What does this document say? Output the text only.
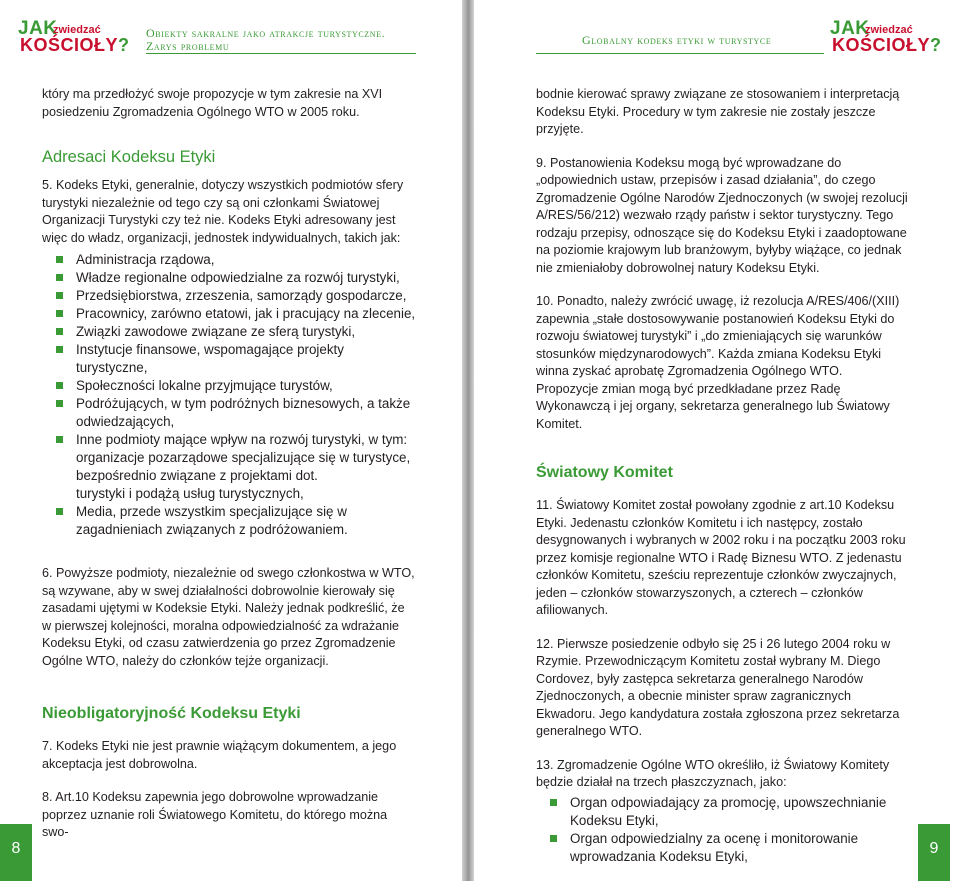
JAK
zwiedzać
KOŚCIOŁY?
Obiekty sakralne jako atrakcje turystyczne.
Zarys problemu

który ma przedłożyć swoje propozycje w tym zakresie na XVI posiedzeniu Zgromadzenia Ogólnego WTO w 2005 roku.

Adresaci Kodeksu Etyki

5. Kodeks Etyki, generalnie, dotyczy wszystkich podmiotów sfery turystyki niezależnie od tego czy są oni członkami Światowej Organizacji Turystyki czy też nie. Kodeks Etyki adresowany jest więc do władz, organizacji, jednostek indywidualnych, takich jak:

Administracja rządowa,
Władze regionalne odpowiedzialne za rozwój turystyki,
Przedsiębiorstwa, zrzeszenia, samorządy gospodarcze,
Pracownicy, zarówno etatowi, jak i pracujący na zlecenie,
Związki zawodowe związane ze sferą turystyki,
Instytucje finansowe, wspomagające projekty turystyczne,
Społeczności lokalne przyjmujące turystów,
Podróżujących, w tym podróżnych biznesowych, a także odwiedzających,
Inne podmioty mające wpływ na rozwój turystyki, w tym: organizacje pozarządowe specjalizujące się w turystyce, bezpośrednio związane z projektami dot.
turystyki i podążą usług turystycznych,
Media, przede wszystkim specjalizujące się w zagadnieniach związanych z podróżowaniem.

6. Powyższe podmioty, niezależnie od swego członkostwa w WTO, są wzywane, aby w swej działalności dobrowolnie kierowały się zasadami ujętymi w Kodeksie Etyki. Należy jednak podkreślić, że w pierwszej kolejności, moralna odpowiedzialność za wdrażanie Kodeksu Etyki, od czasu zatwierdzenia go przez Zgromadzenie Ogólne WTO, należy do członków tejże organizacji.

Nieobligatoryjność Kodeksu Etyki

7. Kodeks Etyki nie jest prawnie wiążącym dokumentem, a jego akceptacja jest dobrowolna.

8. Art.10 Kodeksu zapewnia jego dobrowolne wprowadzanie poprzez uznanie roli Światowego Komitetu, do którego można swo-

8
Globalny kodeks etyki w turystyce
JAK
zwiedzać
KOŚCIOŁY?

bodnie kierować sprawy związane ze stosowaniem i interpretacją Kodeksu Etyki. Procedury w tym zakresie nie zostały jeszcze przyjęte.

9. Postanowienia Kodeksu mogą być wprowadzane do „odpowiednich ustaw, przepisów i zasad działania”, do czego Zgromadzenie Ogólne Narodów Zjednoczonych (w swojej rezolucji A/RES/56/212) wezwało rządy państw i sektor turystyczny. Tego rodzaju przepisy, odnoszące się do Kodeksu Etyki i zaadoptowane na poziomie krajowym lub branżowym, byłyby wiążące, co jednak nie zmieniałoby dobrowolnej natury Kodeksu Etyki.

10. Ponadto, należy zwrócić uwagę, iż rezolucja A/RES/406/(XIII) zapewnia „stałe dostosowywanie postanowień Kodeksu Etyki do rozwoju światowej turystyki” i „do zmieniających się warunków stosunków międzynarodowych”. Każda zmiana Kodeksu Etyki winna zyskać aprobatę Zgromadzenia Ogólnego WTO. Propozycje zmian mogą być przedkładane przez Radę Wykonawczą i jej organy, sekretarza generalnego lub Światowy Komitet.

Światowy Komitet

11. Światowy Komitet został powołany zgodnie z art.10 Kodeksu Etyki. Jedenastu członków Komitetu i ich następcy, zostało desygnowanych i wybranych w 2002 roku i na początku 2003 roku przez komisje regionalne WTO i Radę Biznesu WTO. Z jedenastu członków Komitetu, sześciu reprezentuje członków zwyczajnych, jeden – członków stowarzyszonych, a czterech – członków afiliowanych.

12. Pierwsze posiedzenie odbyło się 25 i 26 lutego 2004 roku w Rzymie. Przewodniczącym Komitetu został wybrany M. Diego Cordovez, były zastępca sekretarza generalnego Narodów Zjednoczonych, a obecnie minister spraw zagranicznych Ekwadoru. Jego kandydatura została zgłoszona przez sekretarza generalnego WTO.

13. Zgromadzenie Ogólne WTO określiło, iż Światowy Komitety będzie działał na trzech płaszczyznach, jako:

Organ odpowiadający za promocję, upowszechnianie Kodeksu Etyki,
Organ odpowiedzialny za ocenę i monitorowanie wprowadzania Kodeksu Etyki,	9
